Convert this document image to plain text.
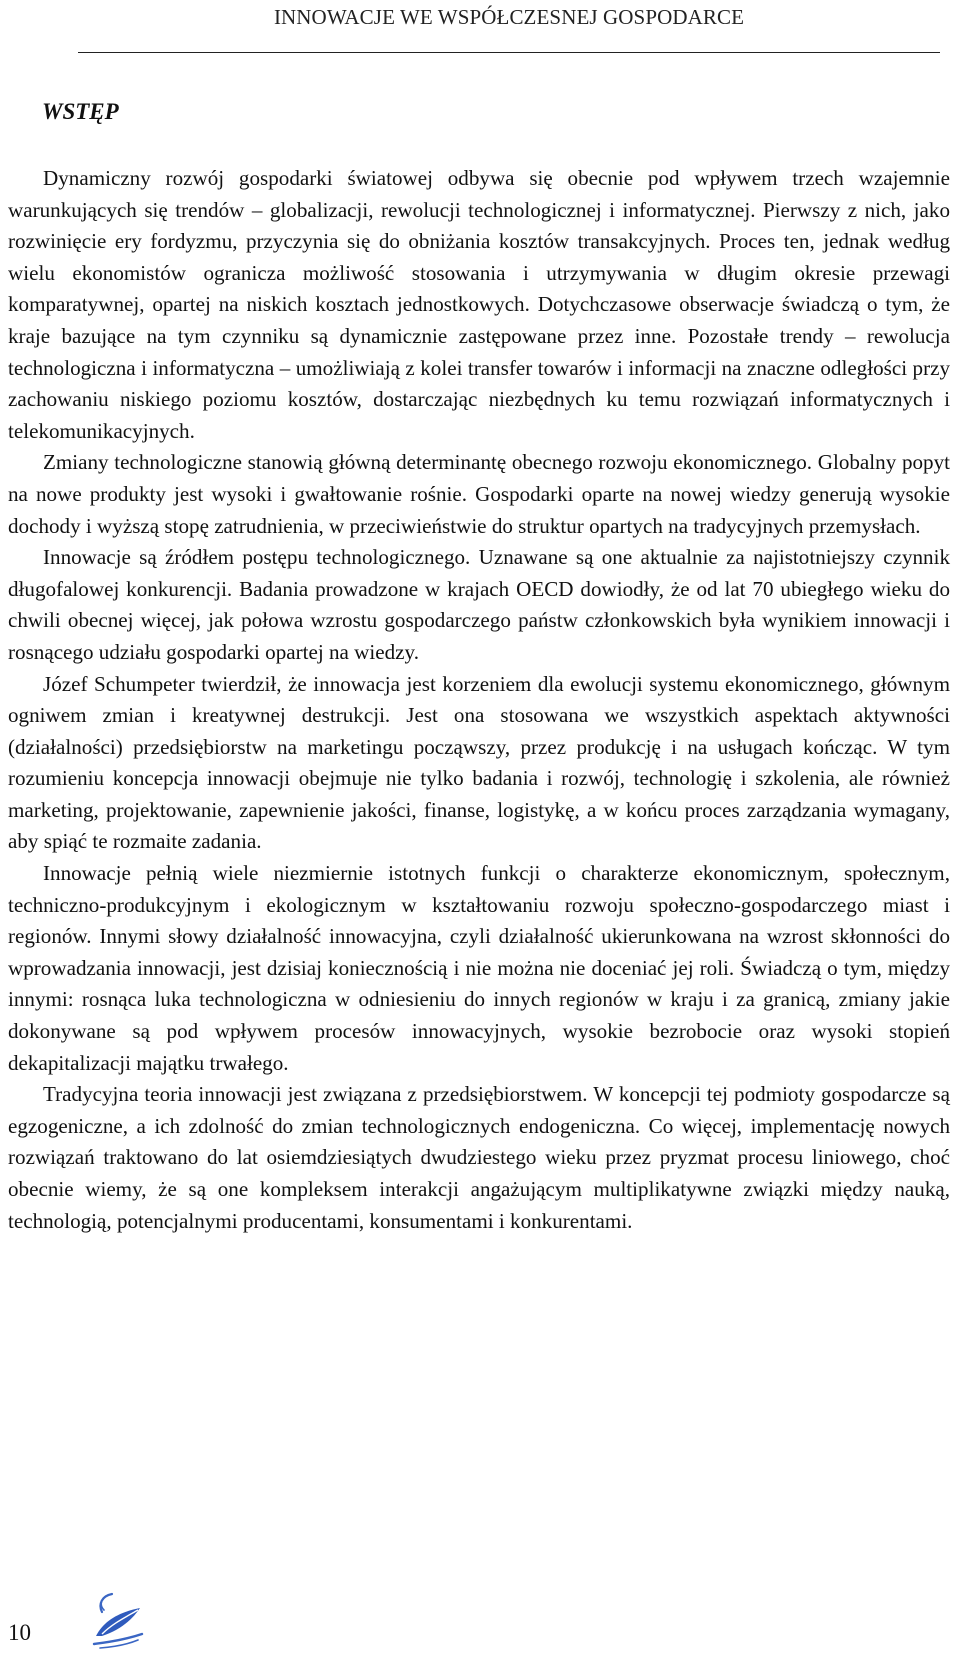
INNOWACJE WE WSPÓŁCZESNEJ GOSPODARCE
WSTĘP

Dynamiczny rozwój gospodarki światowej odbywa się obecnie pod wpływem trzech wzajemnie warunkujących się trendów – globalizacji, rewolucji technologicznej i informatycznej. Pierwszy z nich, jako rozwinięcie ery fordyzmu, przyczynia się do obniżania kosztów transakcyjnych. Proces ten, jednak według wielu ekonomistów ogranicza możliwość stosowania i utrzymywania w długim okresie przewagi komparatywnej, opartej na niskich kosztach jednostkowych. Dotychczasowe obserwacje świadczą o tym, że kraje bazujące na tym czynniku są dynamicznie zastępowane przez inne. Pozostałe trendy – rewolucja technologiczna i informatyczna – umożliwiają z kolei transfer towarów i informacji na znaczne odległości przy zachowaniu niskiego poziomu kosztów, dostarczając niezbędnych ku temu rozwiązań informatycznych i telekomunikacyjnych.

Zmiany technologiczne stanowią główną determinantę obecnego rozwoju ekonomicznego. Globalny popyt na nowe produkty jest wysoki i gwałtowanie rośnie. Gospodarki oparte na nowej wiedzy generują wysokie dochody i wyższą stopę zatrudnienia, w przeciwieństwie do struktur opartych na tradycyjnych przemysłach.

Innowacje są źródłem postępu technologicznego. Uznawane są one aktualnie za najistotniejszy czynnik długofalowej konkurencji. Badania prowadzone w krajach OECD dowiodły, że od lat 70 ubiegłego wieku do chwili obecnej więcej, jak połowa wzrostu gospodarczego państw członkowskich była wynikiem innowacji i rosnącego udziału gospodarki opartej na wiedzy.

Józef Schumpeter twierdził, że innowacja jest korzeniem dla ewolucji systemu ekonomicznego, głównym ogniwem zmian i kreatywnej destrukcji. Jest ona stosowana we wszystkich aspektach aktywności (działalności) przedsiębiorstw na marketingu począwszy, przez produkcję i na usługach kończąc. W tym rozumieniu koncepcja innowacji obejmuje nie tylko badania i rozwój, technologię i szkolenia, ale również marketing, projektowanie, zapewnienie jakości, finanse, logistykę, a w końcu proces zarządzania wymagany, aby spiąć te rozmaite zadania.

Innowacje pełnią wiele niezmiernie istotnych funkcji o charakterze ekonomicznym, społecznym, techniczno-produkcyjnym i ekologicznym w kształtowaniu rozwoju społeczno-gospodarczego miast i regionów. Innymi słowy działalność innowacyjna, czyli działalność ukierunkowana na wzrost skłonności do wprowadzania innowacji, jest dzisiaj koniecznością i nie można nie doceniać jej roli. Świadczą o tym, między innymi: rosnąca luka technologiczna w odniesieniu do innych regionów w kraju i za granicą, zmiany jakie dokonywane są pod wpływem procesów innowacyjnych, wysokie bezrobocie oraz wysoki stopień dekapitalizacji majątku trwałego.

Tradycyjna teoria innowacji jest związana z przedsiębiorstwem. W koncepcji tej podmioty gospodarcze są egzogeniczne, a ich zdolność do zmian technologicznych endogeniczna. Co więcej, implementację nowych rozwiązań traktowano do lat osiemdziesiątych dwudziestego wieku przez pryzmat procesu liniowego, choć obecnie wiemy, że są one kompleksem interakcji angażującym multiplikatywne związki między nauką, technologią, potencjalnymi producentami, konsumentami i konkurentami.

10
